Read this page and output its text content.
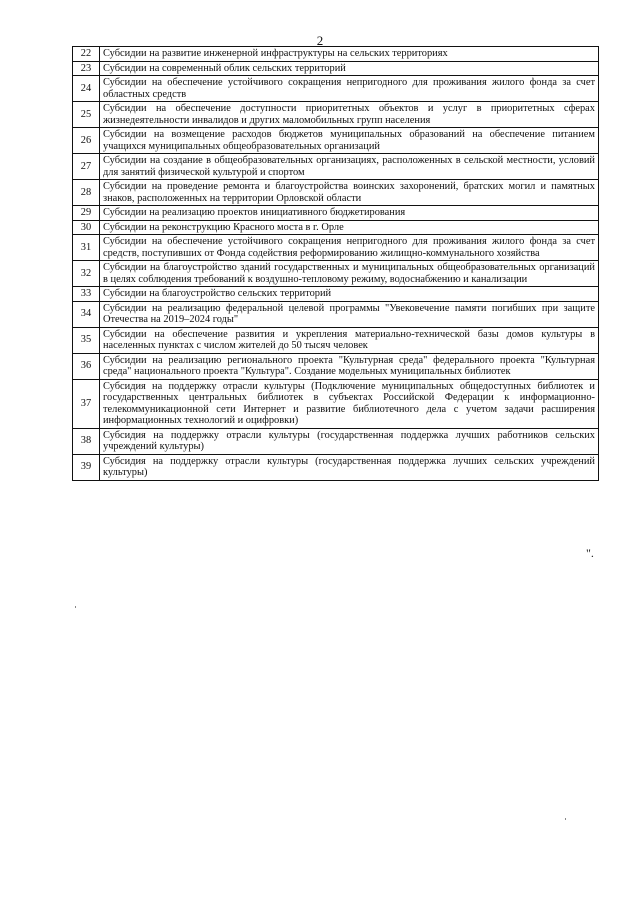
2
22	Субсидии на развитие инженерной инфраструктуры на сельских территориях
23	Субсидии на современный облик сельских территорий
24	Субсидии на обеспечение устойчивого сокращения непригодного для проживания жилого фонда за счет областных средств
25	Субсидии на обеспечение доступности приоритетных объектов и услуг в приоритетных сферах жизнедеятельности инвалидов и других маломобильных групп населения
26	Субсидии на возмещение расходов бюджетов муниципальных образований на обеспечение питанием учащихся муниципальных общеобразовательных организаций
27	Субсидии на создание в общеобразовательных организациях, расположенных в сельской местности, условий для занятий физической культурой и спортом
28	Субсидии на проведение ремонта и благоустройства воинских захоронений, братских могил и памятных знаков, расположенных на территории Орловской области
29	Субсидии на реализацию проектов инициативного бюджетирования
30	Субсидии на реконструкцию Красного моста в г. Орле
31	Субсидии на обеспечение устойчивого сокращения непригодного для проживания жилого фонда за счет средств, поступивших от Фонда содействия реформированию жилищно-коммунального хозяйства
32	Субсидии на благоустройство зданий государственных и муниципальных общеобразовательных организаций в целях соблюдения требований к воздушно-тепловому режиму, водоснабжению и канализации
33	Субсидии на благоустройство сельских территорий
34	Субсидии на реализацию федеральной целевой программы "Увековечение памяти погибших при защите Отечества на 2019–2024 годы"
35	Субсидии на обеспечение развития и укрепления материально-технической базы домов культуры в населенных пунктах с числом жителей до 50 тысяч человек
36	Субсидии на реализацию регионального проекта "Культурная среда" федерального проекта "Культурная среда" национального проекта "Культура". Создание модельных муниципальных библиотек
37	Субсидия на поддержку отрасли культуры (Подключение муниципальных общедоступных библиотек и государственных центральных библиотек в субъектах Российской Федерации к информационно-телекоммуникационной сети Интернет и развитие библиотечного дела с учетом задачи расширения информационных технологий и оцифровки)
38	Субсидия на поддержку отрасли культуры (государственная поддержка лучших работников сельских учреждений культуры)
39	Субсидия на поддержку отрасли культуры (государственная поддержка лучших сельских учреждений культуры)
".
